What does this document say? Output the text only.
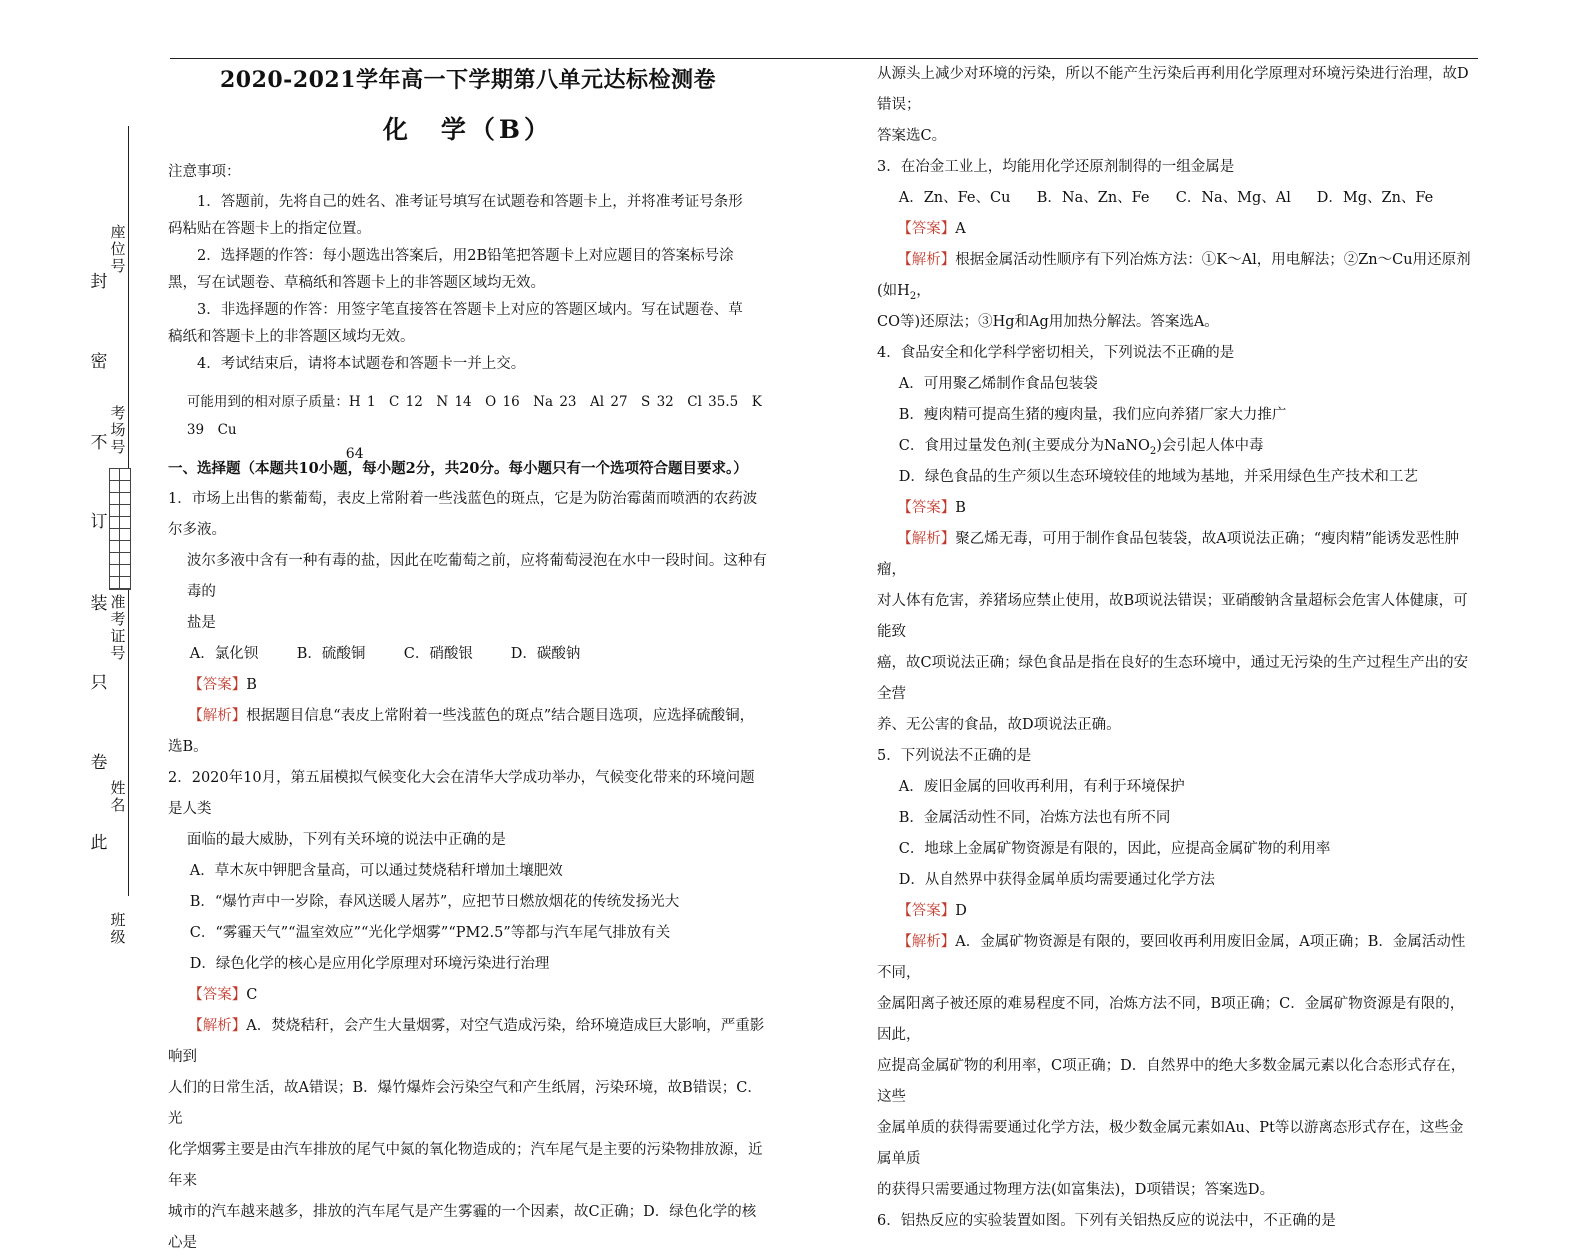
封
密
不
订
装
只
卷
此
座位号
考场号
准考证号
姓名
班级
2020-2021学年高一下学期第八单元达标检测卷
化　学（B）

注意事项：

1．答题前，先将自己的姓名、准考证号填写在试题卷和答题卡上，并将准考证号条形

码粘贴在答题卡上的指定位置。

2．选择题的作答：每小题选出答案后，用2B铅笔把答题卡上对应题目的答案标号涂

黑，写在试题卷、草稿纸和答题卡上的非答题区域均无效。

3．非选择题的作答：用签字笔直接答在答题卡上对应的答题区域内。写在试题卷、草

稿纸和答题卡上的非答题区域均无效。

4．考试结束后，请将本试题卷和答题卡一并上交。

可能用到的相对原子质量：H 1　C 12　N 14　O 16　Na 23　Al 27　S 32　Cl 35.5　K 39　Cu

64

一、选择题（本题共10小题，每小题2分，共20分。每小题只有一个选项符合题目要求。）

1．市场上出售的紫葡萄，表皮上常附着一些浅蓝色的斑点，它是为防治霉菌而喷洒的农药波尔多液。

波尔多液中含有一种有毒的盐，因此在吃葡萄之前，应将葡萄浸泡在水中一段时间。这种有毒的

盐是

A．氯化钡	B．硫酸铜	C．硝酸银	D．碳酸钠

【答案】B

【解析】根据题目信息“表皮上常附着一些浅蓝色的斑点”结合题目选项，应选择硫酸铜，选B。

2．2020年10月，第五届模拟气候变化大会在清华大学成功举办，气候变化带来的环境问题是人类

面临的最大威胁，下列有关环境的说法中正确的是

A．草木灰中钾肥含量高，可以通过焚烧秸秆增加土壤肥效

B．“爆竹声中一岁除，春风送暖人屠苏”，应把节日燃放烟花的传统发扬光大

C．“雾霾天气”“温室效应”“光化学烟雾”“PM2.5”等都与汽车尾气排放有关

D．绿色化学的核心是应用化学原理对环境污染进行治理

【答案】C

【解析】A．焚烧秸秆，会产生大量烟雾，对空气造成污染，给环境造成巨大影响，严重影响到

人们的日常生活，故A错误；B．爆竹爆炸会污染空气和产生纸屑，污染环境，故B错误；C．光

化学烟雾主要是由汽车排放的尾气中氮的氧化物造成的；汽车尾气是主要的污染物排放源，近年来

城市的汽车越来越多，排放的汽车尾气是产生雾霾的一个因素，故C正确；D．绿色化学的核心是

从源头上减少对环境的污染，所以不能产生污染后再利用化学原理对环境污染进行治理，故D错误；

答案选C。

3．在冶金工业上，均能用化学还原剂制得的一组金属是

A．Zn、Fe、Cu B．Na、Zn、Fe C．Na、Mg、Al D．Mg、Zn、Fe

【答案】A

【解析】根据金属活动性顺序有下列冶炼方法：①K～Al，用电解法；②Zn～Cu用还原剂(如$H_2$，

CO等)还原法；③Hg和Ag用加热分解法。答案选A。

4．食品安全和化学科学密切相关，下列说法不正确的是

A．可用聚乙烯制作食品包装袋

B．瘦肉精可提高生猪的瘦肉量，我们应向养猪厂家大力推广

C．食用过量发色剂(主要成分为NaNO$_2$)会引起人体中毒

D．绿色食品的生产须以生态环境较佳的地域为基地，并采用绿色生产技术和工艺

【答案】B

【解析】聚乙烯无毒，可用于制作食品包装袋，故A项说法正确；“瘦肉精”能诱发恶性肿瘤，

对人体有危害，养猪场应禁止使用，故B项说法错误；亚硝酸钠含量超标会危害人体健康，可能致

癌，故C项说法正确；绿色食品是指在良好的生态环境中，通过无污染的生产过程生产出的安全营

养、无公害的食品，故D项说法正确。

5．下列说法不正确的是

A．废旧金属的回收再利用，有利于环境保护

B．金属活动性不同，冶炼方法也有所不同

C．地球上金属矿物资源是有限的，因此，应提高金属矿物的利用率

D．从自然界中获得金属单质均需要通过化学方法

【答案】D

【解析】A．金属矿物资源是有限的，要回收再利用废旧金属，A项正确；B．金属活动性不同，

金属阳离子被还原的难易程度不同，冶炼方法不同，B项正确；C．金属矿物资源是有限的，因此，

应提高金属矿物的利用率，C项正确；D．自然界中的绝大多数金属元素以化合态形式存在，这些

金属单质的获得需要通过化学方法，极少数金属元素如Au、Pt等以游离态形式存在，这些金属单质

的获得只需要通过物理方法(如富集法)，D项错误；答案选D。

6．铝热反应的实验装置如图。下列有关铝热反应的说法中，不正确的是
